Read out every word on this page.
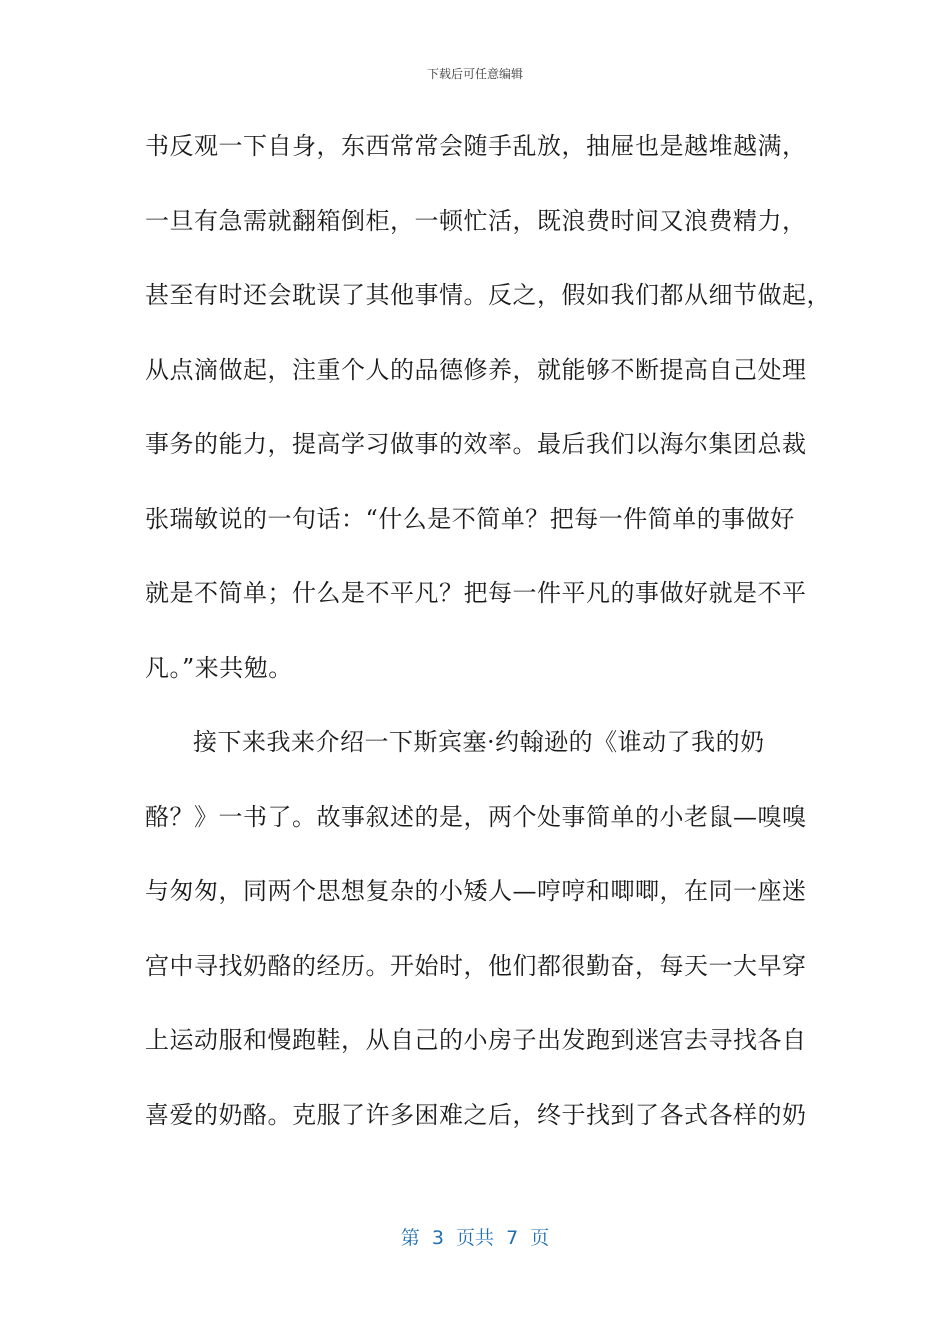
下载后可任意编辑
书反观一下自身，东西常常会随手乱放，抽屉也是越堆越满，
一旦有急需就翻箱倒柜，一顿忙活，既浪费时间又浪费精力，
甚至有时还会耽误了其他事情。反之，假如我们都从细节做起，
从点滴做起，注重个人的品德修养，就能够不断提高自己处理
事务的能力，提高学习做事的效率。最后我们以海尔集团总裁
张瑞敏说的一句话：“什么是不简单？把每一件简单的事做好
就是不简单；什么是不平凡？把每一件平凡的事做好就是不平
凡。”来共勉。
接下来我来介绍一下斯宾塞·约翰逊的《谁动了我的奶
酪？》一书了。故事叙述的是，两个处事简单的小老鼠—嗅嗅
与匆匆，同两个思想复杂的小矮人—哼哼和唧唧，在同一座迷
宫中寻找奶酪的经历。开始时，他们都很勤奋，每天一大早穿
上运动服和慢跑鞋，从自己的小房子出发跑到迷宫去寻找各自
喜爱的奶酪。克服了许多困难之后，终于找到了各式各样的奶
第  3  页共  7  页
